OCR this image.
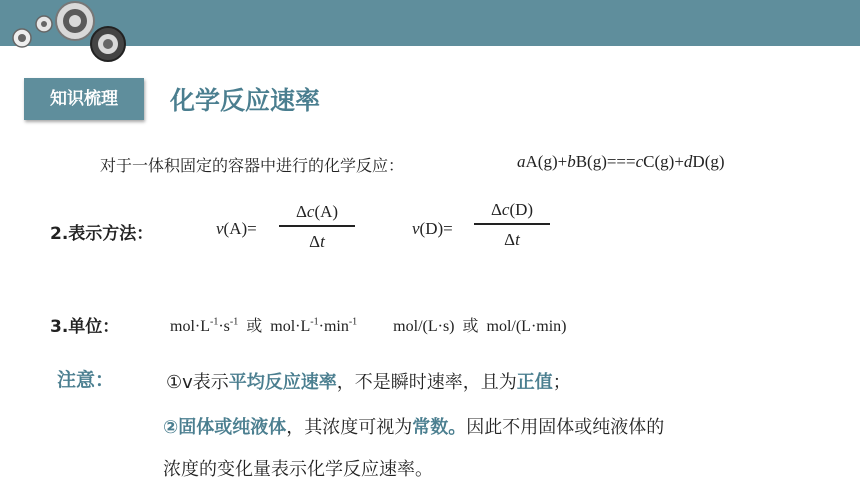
知识梳理	化学反应速率
对于一体积固定的容器中进行的化学反应：	aA(g)+bB(g)===cC(g)+dD(g)
2.表示方法：	v(A)=
Δc(A)
Δt
v(D)=
Δc(D)
Δt
3.单位：	$mol\cdot L^{-1}\cdot s^{-1}$ 或 $mol\cdot L^{-1}\cdot\min^{-1}$ mol/(L·s) 或 mol/(L·min)
注意：	①v表示平均反应速率，不是瞬时速率，且为正值；
②固体或纯液体，其浓度可视为常数。因此不用固体或纯液体的
浓度的变化量表示化学反应速率。
